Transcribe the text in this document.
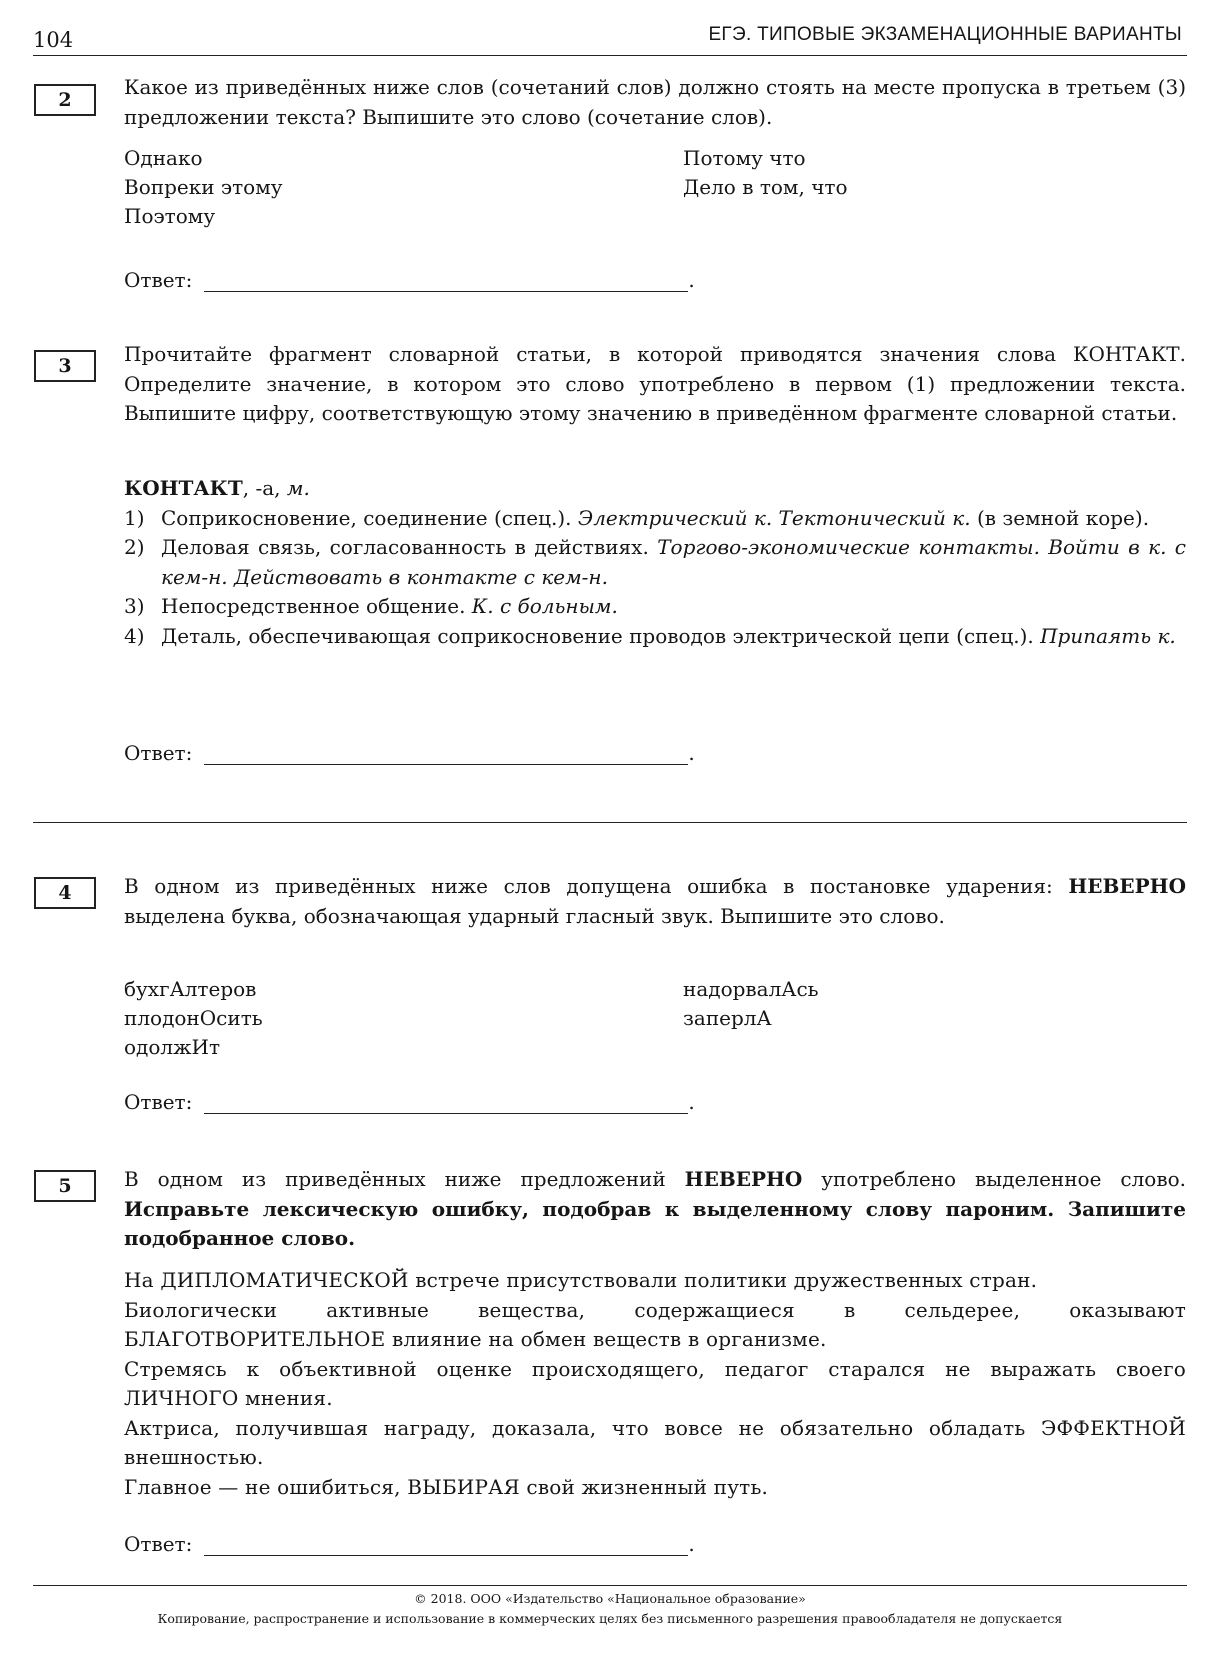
104	ЕГЭ. ТИПОВЫЕ ЭКЗАМЕНАЦИОННЫЕ ВАРИАНТЫ
2
Какое из приведённых ниже слов (сочетаний слов) должно стоять на месте пропуска в третьем (3) предложении текста? Выпишите это слово (сочетание слов).
Однако
Вопреки этому
Поэтому
Потому что
Дело в том, что
Ответ:	.
3	Прочитайте фрагмент словарной статьи, в которой приводятся значения слова КОНТАКТ. Определите значение, в котором это слово употреблено в первом (1) предложении текста. Выпишите цифру, соответствующую этому значению в приведённом фрагменте словарной статьи.
КОНТАКТ, -а, м.
1) Соприкосновение, соединение (спец.). Электрический к. Тектонический к. (в земной коре).
2) Деловая связь, согласованность в действиях. Торгово-экономические контакты. Войти в к. с кем-н. Действовать в контакте с кем-н.
3) Непосредственное общение. К. с больным.
4) Деталь, обеспечивающая соприкосновение проводов электрической цепи (спец.). Припаять к.
Ответ:	.
4	В одном из приведённых ниже слов допущена ошибка в постановке ударения: НЕВЕРНО выделена буква, обозначающая ударный гласный звук. Выпишите это слово.
бухгАлтеров
плодонОсить
одолжИт
надорвалАсь
заперлА
Ответ:	.
5	В одном из приведённых ниже предложений НЕВЕРНО употреблено выделенное слово. Исправьте лексическую ошибку, подобрав к выделенному слову пароним. Запишите подобранное слово.
На ДИПЛОМАТИЧЕСКОЙ встрече присутствовали политики дружественных стран.
Биологически активные вещества, содержащиеся в сельдерее, оказывают БЛАГОТВОРИТЕЛЬНОЕ влияние на обмен веществ в организме.
Стремясь к объективной оценке происходящего, педагог старался не выражать своего ЛИЧНОГО мнения.
Актриса, получившая награду, доказала, что вовсе не обязательно обладать ЭФФЕКТНОЙ внешностью.
Главное — не ошибиться, ВЫБИРАЯ свой жизненный путь.
Ответ:	.
© 2018. ООО «Издательство «Национальное образование»
Копирование, распространение и использование в коммерческих целях без письменного разрешения правообладателя не допускается
